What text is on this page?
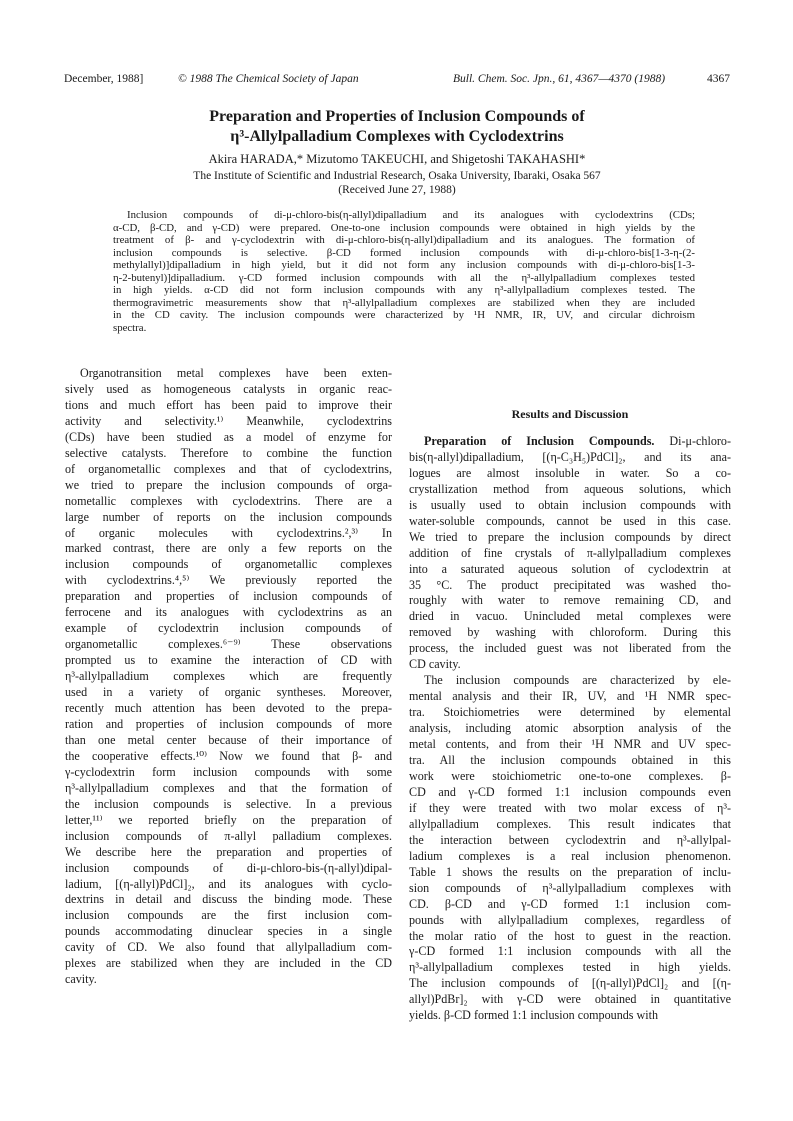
December, 1988]	© 1988 The Chemical Society of Japan	Bull. Chem. Soc. Jpn., 61, 4367—4370 (1988)	4367
Preparation and Properties of Inclusion Compounds of
η³-Allylpalladium Complexes with Cyclodextrins
Akira HARADA,* Mizutomo TAKEUCHI, and Shigetoshi TAKAHASHI*
The Institute of Scientific and Industrial Research, Osaka University, Ibaraki, Osaka 567
(Received June 27, 1988)
Inclusion compounds of di-μ-chloro-bis(η-allyl)dipalladium and its analogues with cyclodextrins (CDs;
α-CD, β-CD, and γ-CD) were prepared. One-to-one inclusion compounds were obtained in high yields by the
treatment of β- and γ-cyclodextrin with di-μ-chloro-bis(η-allyl)dipalladium and its analogues. The formation of
inclusion compounds is selective. β-CD formed inclusion compounds with di-μ-chloro-bis[1-3-η-(2-
methylallyl)]dipalladium in high yield, but it did not form any inclusion compounds with di-μ-chloro-bis[1-3-
η-2-butenyl)]dipalladium. γ-CD formed inclusion compounds with all the η³-allylpalladium complexes tested
in high yields. α-CD did not form inclusion compounds with any η³-allylpalladium complexes tested. The
thermogravimetric measurements show that η³-allylpalladium complexes are stabilized when they are included
in the CD cavity. The inclusion compounds were characterized by ¹H NMR, IR, UV, and circular dichroism
spectra.
Organotransition metal complexes have been exten-
sively used as homogeneous catalysts in organic reac-
tions and much effort has been paid to improve their
activity and selectivity.¹⁾ Meanwhile, cyclodextrins
(CDs) have been studied as a model of enzyme for
selective catalysts. Therefore to combine the function
of organometallic complexes and that of cyclodextrins,
we tried to prepare the inclusion compounds of orga-
nometallic complexes with cyclodextrins. There are a
large number of reports on the inclusion compounds
of organic molecules with cyclodextrins.²,³⁾ In
marked contrast, there are only a few reports on the
inclusion compounds of organometallic complexes
with cyclodextrins.⁴,⁵⁾ We previously reported the
preparation and properties of inclusion compounds of
ferrocene and its analogues with cyclodextrins as an
example of cyclodextrin inclusion compounds of
organometallic complexes.⁶⁻⁹⁾ These observations
prompted us to examine the interaction of CD with
η³-allylpalladium complexes which are frequently
used in a variety of organic syntheses. Moreover,
recently much attention has been devoted to the prepa-
ration and properties of inclusion compounds of more
than one metal center because of their importance of
the cooperative effects.¹⁰⁾ Now we found that β- and
γ-cyclodextrin form inclusion compounds with some
η³-allylpalladium complexes and that the formation of
the inclusion compounds is selective. In a previous
letter,¹¹⁾ we reported briefly on the preparation of
inclusion compounds of π-allyl palladium complexes.
We describe here the preparation and properties of
inclusion compounds of di-μ-chloro-bis-(η-allyl)dipal-
ladium, [(η-allyl)PdCl]₂, and its analogues with cyclo-
dextrins in detail and discuss the binding mode. These
inclusion compounds are the first inclusion com-
pounds accommodating dinuclear species in a single
cavity of CD. We also found that allylpalladium com-
plexes are stabilized when they are included in the CD
cavity.
Results and Discussion
Preparation of Inclusion Compounds. Di-μ-chloro-
bis(η-allyl)dipalladium, [(η-C₃H₅)PdCl]₂, and its ana-
logues are almost insoluble in water. So a co-
crystallization method from aqueous solutions, which
is usually used to obtain inclusion compounds with
water-soluble compounds, cannot be used in this case.
We tried to prepare the inclusion compounds by direct
addition of fine crystals of π-allylpalladium complexes
into a saturated aqueous solution of cyclodextrin at
35 °C. The product precipitated was washed tho-
roughly with water to remove remaining CD, and
dried in vacuo. Unincluded metal complexes were
removed by washing with chloroform. During this
process, the included guest was not liberated from the
CD cavity.
The inclusion compounds are characterized by ele-
mental analysis and their IR, UV, and ¹H NMR spec-
tra. Stoichiometries were determined by elemental
analysis, including atomic absorption analysis of the
metal contents, and from their ¹H NMR and UV spec-
tra. All the inclusion compounds obtained in this
work were stoichiometric one-to-one complexes. β-
CD and γ-CD formed 1:1 inclusion compounds even
if they were treated with two molar excess of η³-
allylpalladium complexes. This result indicates that
the interaction between cyclodextrin and η³-allylpal-
ladium complexes is a real inclusion phenomenon.
Table 1 shows the results on the preparation of inclu-
sion compounds of η³-allylpalladium complexes with
CD. β-CD and γ-CD formed 1:1 inclusion com-
pounds with allylpalladium complexes, regardless of
the molar ratio of the host to guest in the reaction.
γ-CD formed 1:1 inclusion compounds with all the
η³-allylpalladium complexes tested in high yields.
The inclusion compounds of [(η-allyl)PdCl]₂ and [(η-
allyl)PdBr]₂ with γ-CD were obtained in quantitative
yields. β-CD formed 1:1 inclusion compounds with
